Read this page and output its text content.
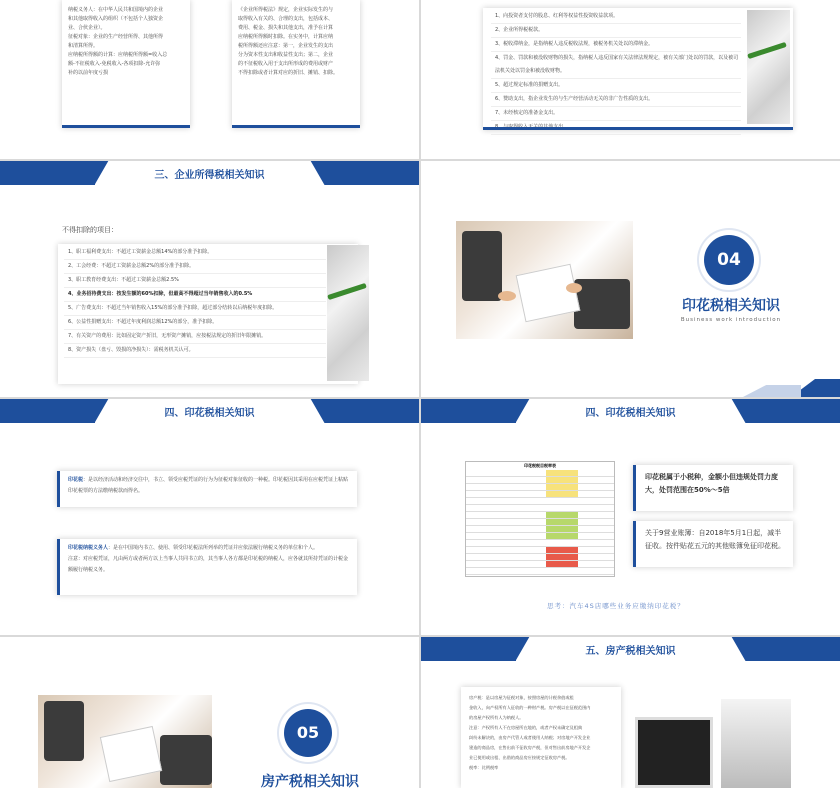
纳税义务人：在中华人民共和国境内的企业
和其他取得收入的组织（不包括个人独资企
业、合伙企业）。
征税对象：企业的生产经营所得、其他所得
和清算所得。
应纳税所得额的计算：应纳税所得额=收入总
额-不征税收入-免税收入-各项扣除-允许弥
补的以前年度亏损
《企业所得税法》规定，企业实际发生的与
取得收入有关的、合理的支出，包括成本、
费用、税金、损失和其他支出，准予在计算
应纳税所得额时扣除。在实务中，计算应纳
税所得额还应注意：第一，企业发生的支出
分为资本性支出和收益性支出；第二，企业
的不征税收入用于支出所形成的费用或财产
不得扣除或者计算对应的折旧、摊销、扣除。
1、向投资者支付的股息、红利等权益性投资收益款项。
2、企业所得税税款。
3、税收滞纳金，是指纳税人违反税收法规，被税务机关处以的滞纳金。
4、罚金、罚款和被没收财物的损失，指纳税人违反国家有关法律法规规定，被有关部门处以的罚款，以及被司法机关处以罚金和被没收财物。
5、超过规定标准的捐赠支出。
6、赞助支出，指企业发生的与生产经营活动无关的非广告性质的支出。
7、未经核定的准备金支出。
三、企业所得税相关知识
不得扣除的项目：
1、职工福利费支出：不超过工资薪金总额14%的部分准予扣除。
2、工会经费：不超过工资薪金总额2%的部分准予扣除。
3、职工教育经费支出：不超过工资薪金总额2.5%
4、业务招待费支出：按发生额的60%扣除，但最高不得超过当年销售收入的0.5%
5、广告费支出：不超过当年销售收入15%的部分准予扣除，超过部分结转以后纳税年度扣除。
6、公益性捐赠支出：不超过年度利润总额12%的部分，准予扣除。
7、有关资产的费用：比如固定资产折旧，无形资产摊销，应按税法规定的折旧年限摊销。
8、资产损失（盘亏、毁损的净损失）：需税务机关认可。
04
印花税相关知识
Business work introduction
四、印花税相关知识
印花税：是以经济活动和经济交往中，书立、领受应税凭证的行为为征税对象征收的一种税。印花税因其采用在应税凭证上粘贴印花税票的方法缴纳税款而得名。
印花税纳税义务人：是在中国境内书立、使用、领受印花税法所列举的凭证并应依法履行纳税义务的单位和个人。
注意：对应税凭证，凡由两方或者两方以上当事人共同书立的，其当事人各方都是印花税的纳税人，应各就其所持凭证的计税金额履行纳税义务。
四、印花税相关知识
印花税税目税率表
印花税属于小税种，金额小但违规处罚力度大，处罚范围在50%～5倍
关于9营业账簿：自2018年5月1日起，减半征收。按件贴花五元的其他账簿免征印花税。
思考：汽车4S店哪些业务应缴纳印花税？
05
房产税相关知识
五、房产税相关知识
房产税：是以房屋为征税对象，按照房屋的计税余值或租
金收入，向产权所有人征收的一种财产税。房产税以在征税范围内
的房屋产权所有人为纳税人。
注意：产权所有人不在房屋所在地的，或者产权未确定及租典
纠纷未解决的，由房产代管人或者使用人纳税；对房地产开发企业
建造的商品房，在售出前不征收房产税，但对售出前房地产开发企
业已使用或出租、出借的商品房应按规定征收房产税。
税率：比例税率
